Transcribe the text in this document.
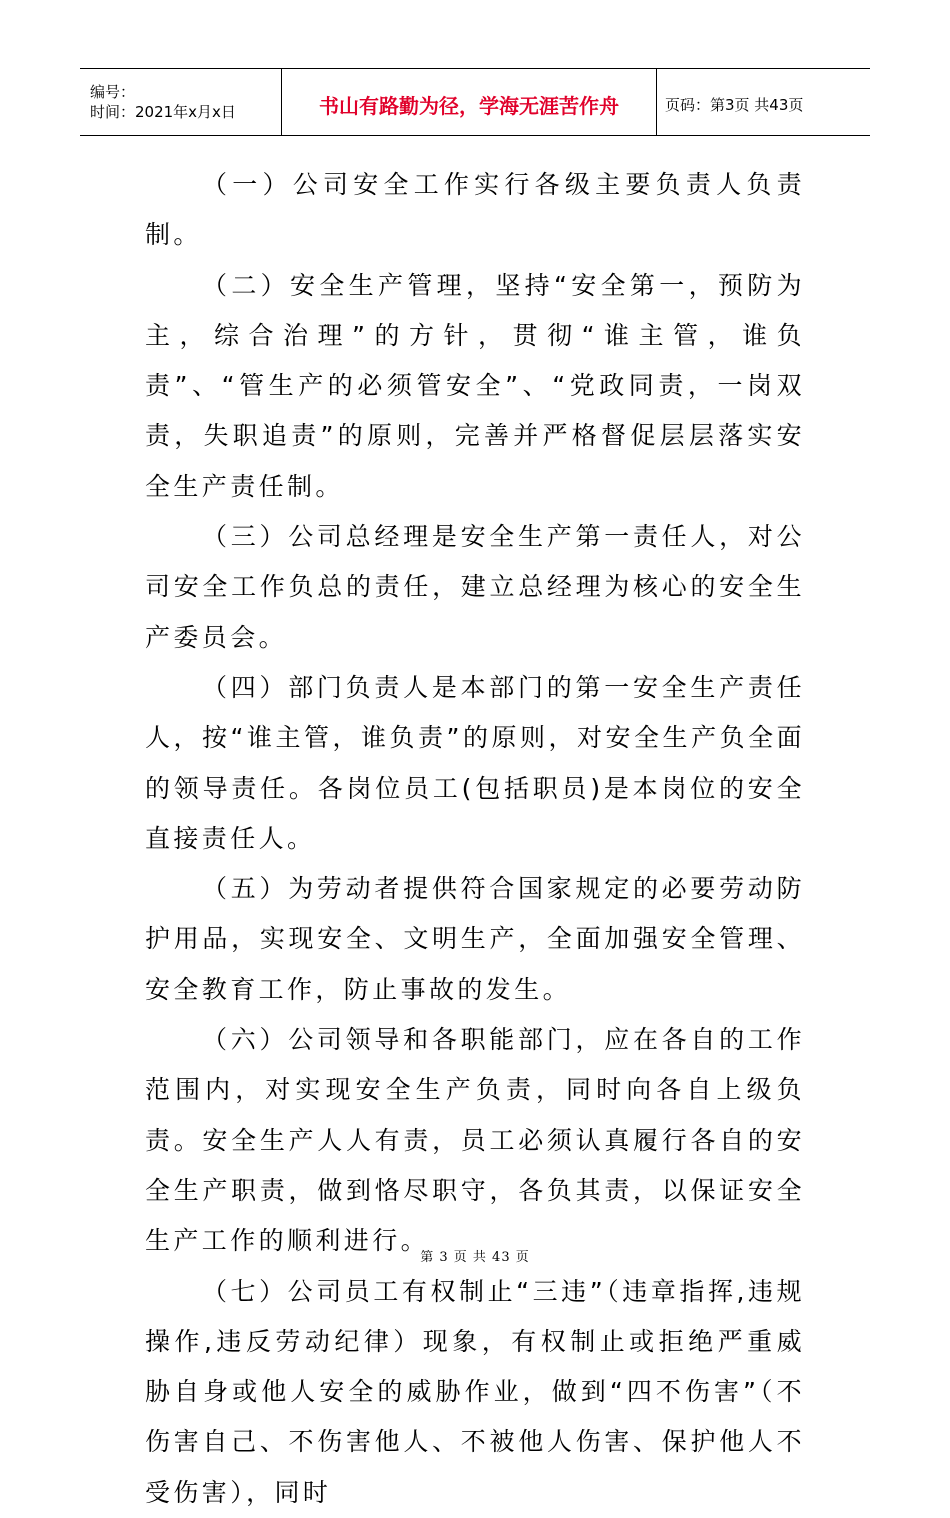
编号：
时间：2021年x月x日	书山有路勤为径，学海无涯苦作舟	页码：第3页 共43页

（一）公司安全工作实行各级主要负责人负责制。

（二）安全生产管理，坚持“安全第一，预防为主，综合治理”的方针，贯彻“谁主管，谁负责”、“管生产的必须管安全”、“党政同责，一岗双责，失职追责”的原则，完善并严格督促层层落实安全生产责任制。

（三）公司总经理是安全生产第一责任人，对公司安全工作负总的责任，建立总经理为核心的安全生产委员会。

（四）部门负责人是本部门的第一安全生产责任人，按“谁主管，谁负责”的原则，对安全生产负全面的领导责任。各岗位员工(包括职员)是本岗位的安全直接责任人。

（五）为劳动者提供符合国家规定的必要劳动防护用品，实现安全、文明生产，全面加强安全管理、安全教育工作，防止事故的发生。

（六）公司领导和各职能部门，应在各自的工作范围内，对实现安全生产负责，同时向各自上级负责。安全生产人人有责，员工必须认真履行各自的安全生产职责，做到恪尽职守，各负其责，以保证安全生产工作的顺利进行。

（七）公司员工有权制止“三违”（违章指挥,违规操作,违反劳动纪律）现象，有权制止或拒绝严重威胁自身或他人安全的威胁作业，做到“四不伤害”（不伤害自己、不伤害他人、不被他人伤害、保护他人不受伤害），同时

第 3 页 共 43 页
